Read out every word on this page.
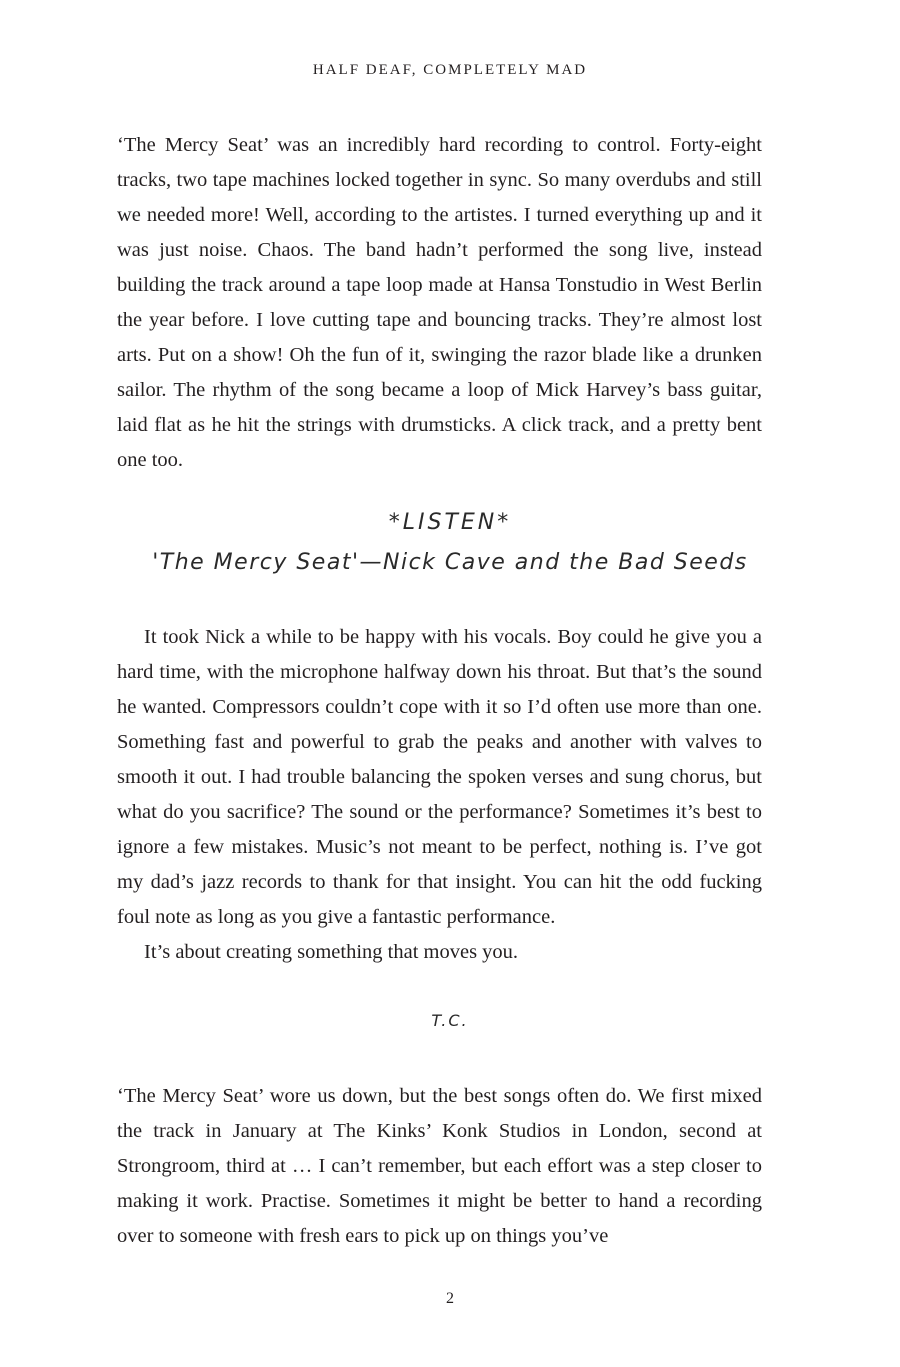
HALF DEAF, COMPLETELY MAD

‘The Mercy Seat’ was an incredibly hard recording to control. Forty-eight tracks, two tape machines locked together in sync. So many overdubs and still we needed more! Well, according to the artistes. I turned everything up and it was just noise. Chaos. The band hadn’t performed the song live, instead building the track around a tape loop made at Hansa Tonstudio in West Berlin the year before. I love cutting tape and bouncing tracks. They’re almost lost arts. Put on a show! Oh the fun of it, swinging the razor blade like a drunken sailor. The rhythm of the song became a loop of Mick Harvey’s bass guitar, laid flat as he hit the strings with drumsticks. A click track, and a pretty bent one too.

*LISTEN*
'The Mercy Seat'—Nick Cave and the Bad Seeds

It took Nick a while to be happy with his vocals. Boy could he give you a hard time, with the microphone halfway down his throat. But that’s the sound he wanted. Compressors couldn’t cope with it so I’d often use more than one. Something fast and powerful to grab the peaks and another with valves to smooth it out. I had trouble balancing the spoken verses and sung chorus, but what do you sacrifice? The sound or the performance? Sometimes it’s best to ignore a few mistakes. Music’s not meant to be perfect, nothing is. I’ve got my dad’s jazz records to thank for that insight. You can hit the odd fucking foul note as long as you give a fantastic performance.

It’s about creating something that moves you.

T.C.

‘The Mercy Seat’ wore us down, but the best songs often do. We first mixed the track in January at The Kinks’ Konk Studios in London, second at Strongroom, third at … I can’t remember, but each effort was a step closer to making it work. Practise. Sometimes it might be better to hand a recording over to someone with fresh ears to pick up on things you’ve

2
